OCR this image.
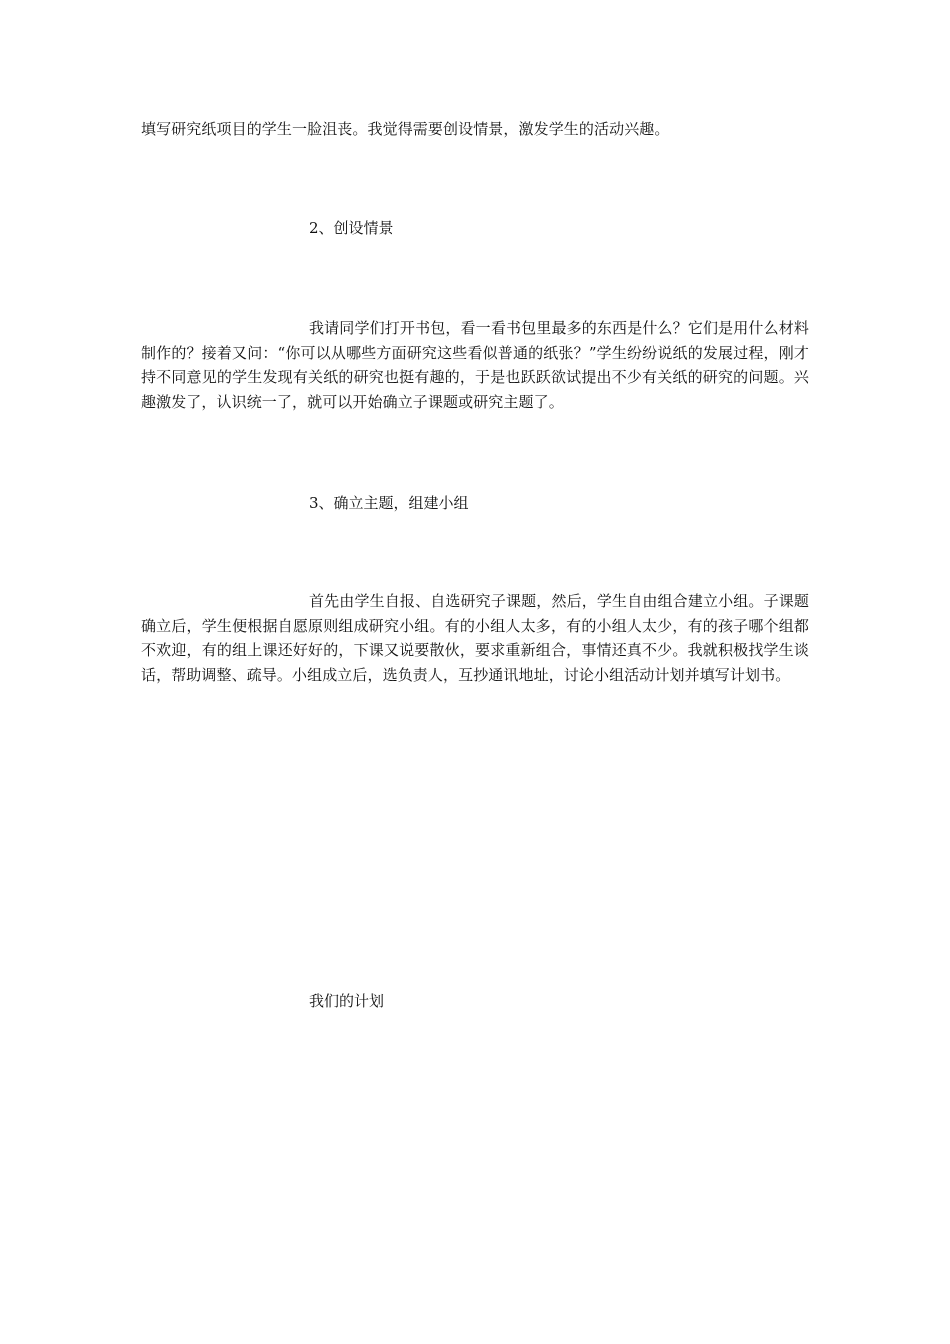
填写研究纸项目的学生一脸沮丧。我觉得需要创设情景，激发学生的活动兴趣。

2、创设情景

我请同学们打开书包，看一看书包里最多的东西是什么？它们是用什么材料制作的？接着又问：“你可以从哪些方面研究这些看似普通的纸张？”学生纷纷说纸的发展过程，刚才持不同意见的学生发现有关纸的研究也挺有趣的，于是也跃跃欲试提出不少有关纸的研究的问题。兴趣激发了，认识统一了，就可以开始确立子课题或研究主题了。

3、确立主题，组建小组

首先由学生自报、自选研究子课题，然后，学生自由组合建立小组。子课题确立后，学生便根据自愿原则组成研究小组。有的小组人太多，有的小组人太少，有的孩子哪个组都不欢迎，有的组上课还好好的，下课又说要散伙，要求重新组合，事情还真不少。我就积极找学生谈话，帮助调整、疏导。小组成立后，选负责人，互抄通讯地址，讨论小组活动计划并填写计划书。

我们的计划
